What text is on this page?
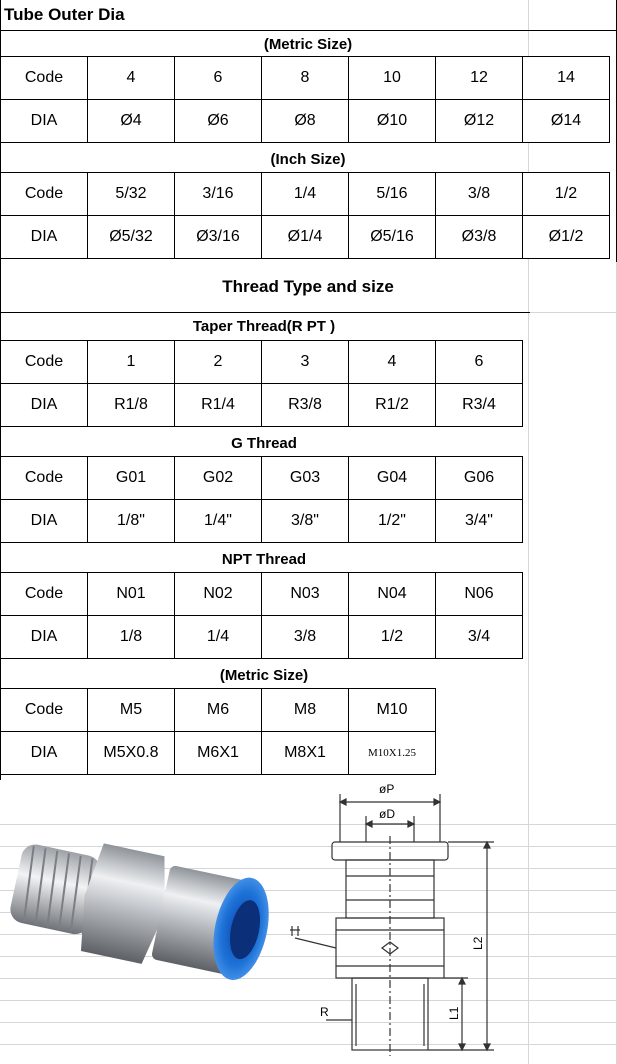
Tube Outer Dia
(Metric Size)
Code	4	6	8	10	12	14
DIA	Ø4	Ø6	Ø8	Ø10	Ø12	Ø14
(Inch Size)
Code	5/32	3/16	1/4	5/16	3/8	1/2
DIA	Ø5/32	Ø3/16	Ø1/4	Ø5/16	Ø3/8	Ø1/2
Thread Type and size
Taper Thread(R PT )
Code	1	2	3	4	6
DIA	R1/8	R1/4	R3/8	R1/2	R3/4
G Thread
Code	G01	G02	G03	G04	G06
DIA	1/8"	1/4"	3/8"	1/2"	3/4"
NPT Thread
Code	N01	N02	N03	N04	N06
DIA	1/8	1/4	3/8	1/2	3/4
(Metric Size)
Code	M5	M6	M8	M10
DIA	M5X0.8	M6X1	M8X1	M10X1.25
øP
øD
L2
L1
R
